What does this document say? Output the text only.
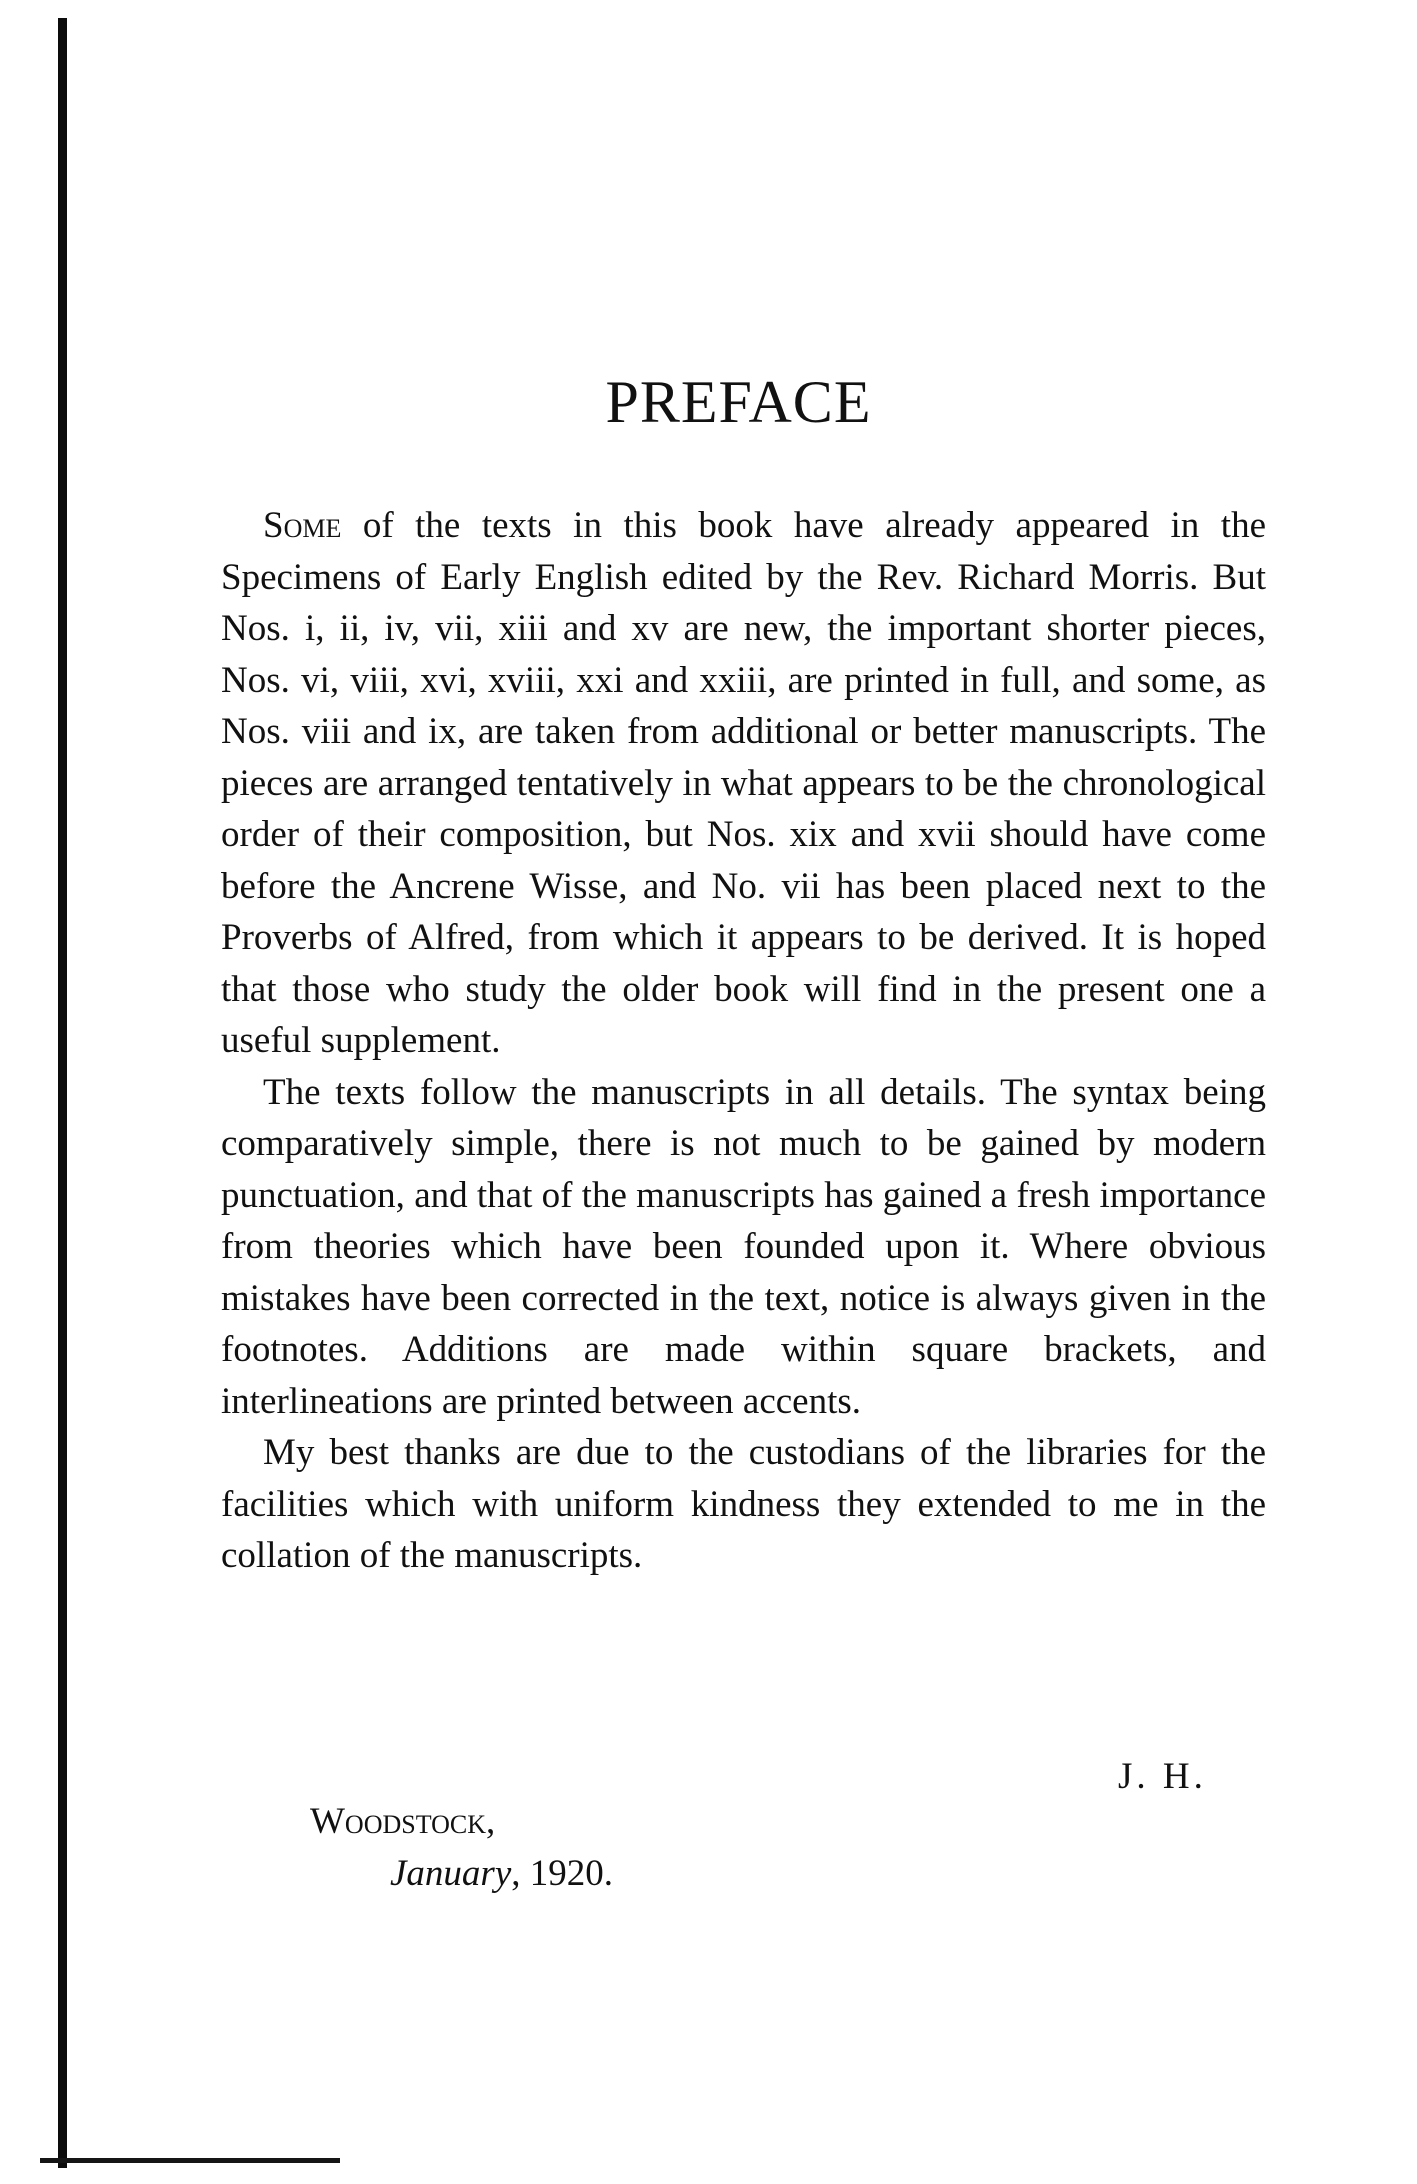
PREFACE

Some of the texts in this book have already appeared in the Specimens of Early English edited by the Rev. Richard Morris. But Nos. i, ii, iv, vii, xiii and xv are new, the important shorter pieces, Nos. vi, viii, xvi, xviii, xxi and xxiii, are printed in full, and some, as Nos. viii and ix, are taken from additional or better manuscripts. The pieces are arranged tentatively in what appears to be the chronological order of their composition, but Nos. xix and xvii should have come before the Ancrene Wisse, and No. vii has been placed next to the Proverbs of Alfred, from which it appears to be derived. It is hoped that those who study the older book will find in the present one a useful supplement.

The texts follow the manuscripts in all details. The syntax being comparatively simple, there is not much to be gained by modern punctuation, and that of the manuscripts has gained a fresh importance from theories which have been founded upon it. Where obvious mistakes have been corrected in the text, notice is always given in the footnotes. Additions are made within square brackets, and interlineations are printed between accents.

My best thanks are due to the custodians of the libraries for the facilities which with uniform kindness they extended to me in the collation of the manuscripts.

J. H.
Woodstock,
January, 1920.
